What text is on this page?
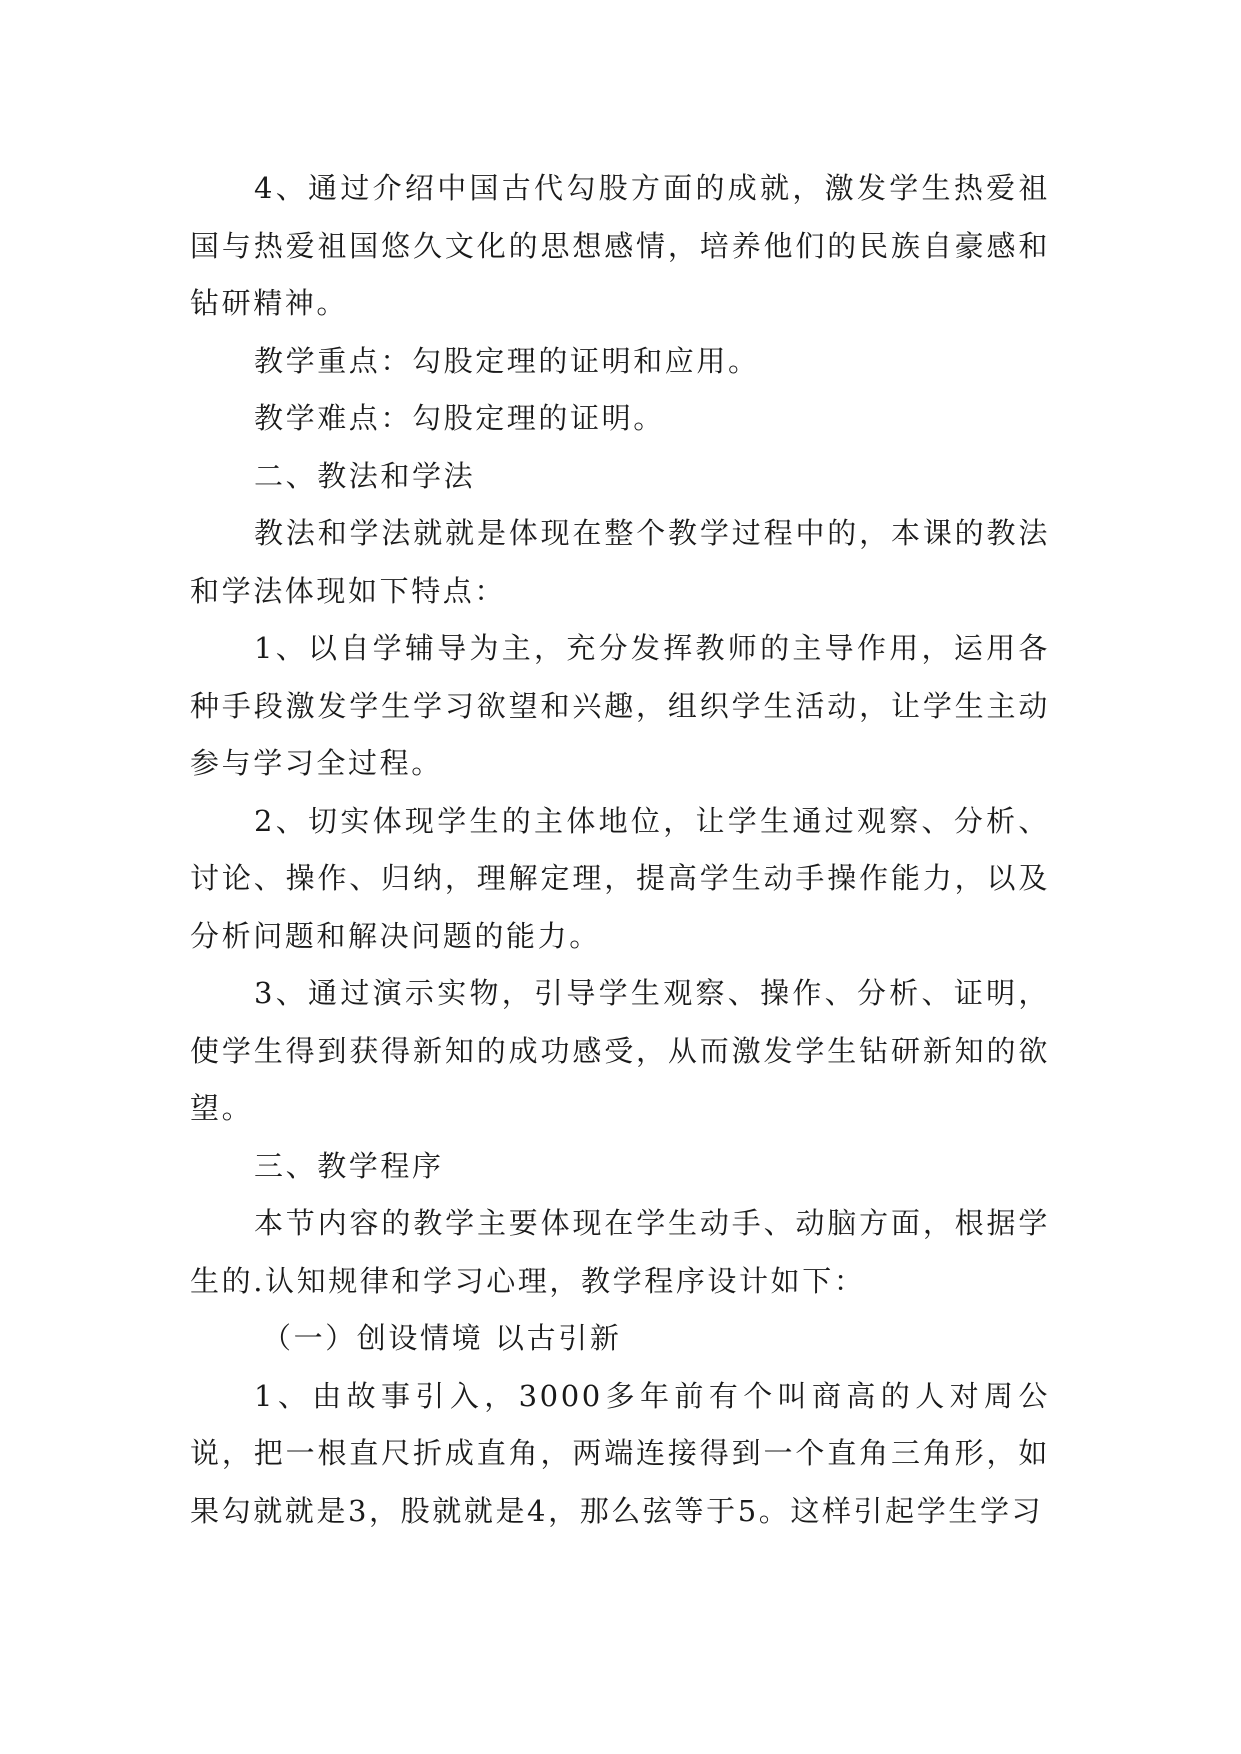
4、通过介绍中国古代勾股方面的成就，激发学生热爱祖国与热爱祖国悠久文化的思想感情，培养他们的民族自豪感和钻研精神。

教学重点：勾股定理的证明和应用。

教学难点：勾股定理的证明。

二、教法和学法

教法和学法就就是体现在整个教学过程中的，本课的教法和学法体现如下特点：

1、以自学辅导为主，充分发挥教师的主导作用，运用各种手段激发学生学习欲望和兴趣，组织学生活动，让学生主动参与学习全过程。

2、切实体现学生的主体地位，让学生通过观察、分析、讨论、操作、归纳，理解定理，提高学生动手操作能力，以及分析问题和解决问题的能力。

3、通过演示实物，引导学生观察、操作、分析、证明，使学生得到获得新知的成功感受，从而激发学生钻研新知的欲望。

三、教学程序

本节内容的教学主要体现在学生动手、动脑方面，根据学生的.认知规律和学习心理，教学程序设计如下：

（一）创设情境 以古引新

1、由故事引入，3000多年前有个叫商高的人对周公说，把一根直尺折成直角，两端连接得到一个直角三角形，如果勾就就是3，股就就是4，那么弦等于5。这样引起学生学习
